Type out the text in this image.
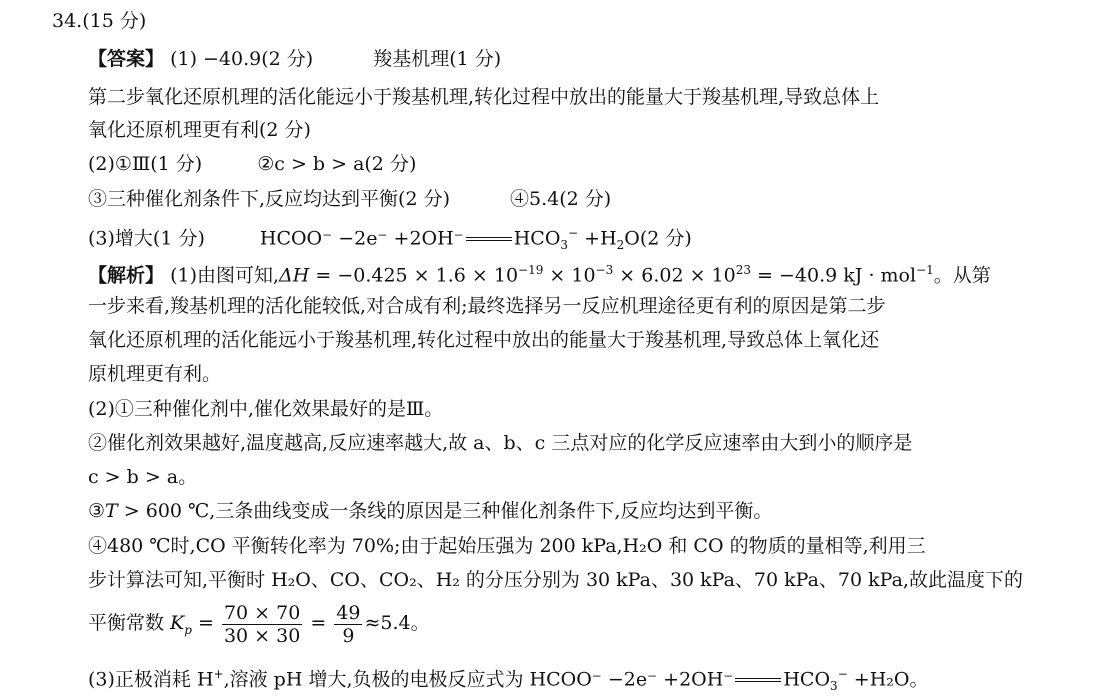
34.(15 分)
【答案】 (1) −40.9(2 分)	羧基机理(1 分)
第二步氧化还原机理的活化能远小于羧基机理,转化过程中放出的能量大于羧基机理,导致总体上
氧化还原机理更有利(2 分)
(2)①Ⅲ(1 分)	②c > b > a(2 分)
③三种催化剂条件下,反应均达到平衡(2 分)	④5.4(2 分)
(3)增大(1 分)	HCOO⁻ −2e⁻ +2OH⁻	$HCO_3^- +H_2O(2$ 分)
【解析】 (1)由图可知$,\Delta H = -0.425 \times 1.6 \times 10^{-19} \times 10^{-3} \times 6.02 \times 10^{23} = -40.9$ kJ · mol$^{-1}$。从第
一步来看,羧基机理的活化能较低,对合成有利;最终选择另一反应机理途径更有利的原因是第二步
氧化还原机理的活化能远小于羧基机理,转化过程中放出的能量大于羧基机理,导致总体上氧化还
原机理更有利。
(2)①三种催化剂中,催化效果最好的是Ⅲ。
②催化剂效果越好,温度越高,反应速率越大,故 a、b、c 三点对应的化学反应速率由大到小的顺序是
c > b > a。
③T > 600 ℃,三条曲线变成一条线的原因是三种催化剂条件下,反应均达到平衡。
④480 ℃时,CO 平衡转化率为 70%;由于起始压强为 200 kPa,H₂O 和 CO 的物质的量相等,利用三
步计算法可知,平衡时 H₂O、CO、CO₂、H₂ 的分压分别为 30 kPa、30 kPa、70 kPa、70 kPa,故此温度下的
平衡常数 $K_p = \frac{70 \times 70}{30 \times 30} = \frac{49}{9} \approx 5.4$。
(3)正极消耗 H+,溶液 pH 增大,负极的电极反应式为 HCOO⁻ −2e⁻ +2OH⁻	$HCO_3^- +H_2O$。
